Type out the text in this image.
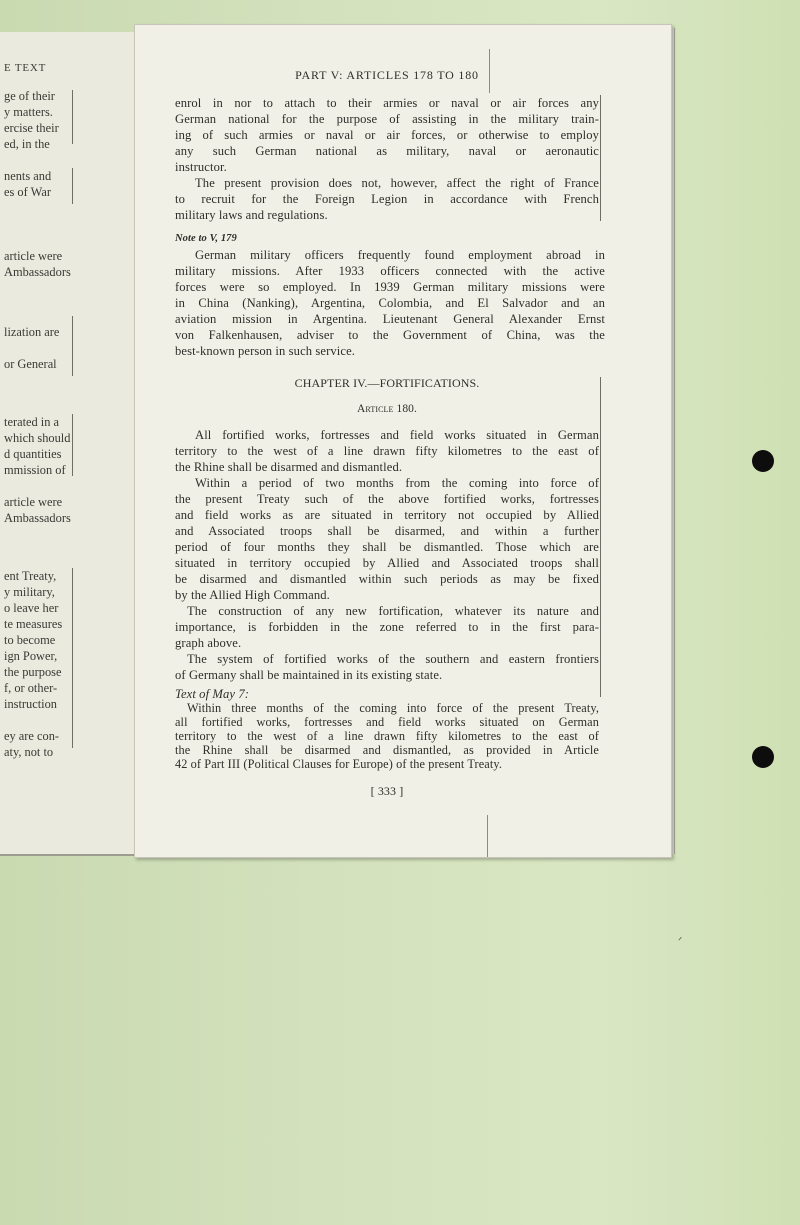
E TEXT
ge of their
y matters.
ercise their
ed, in the
nents and
es of War
article were
Ambassadors
lization are
or General
terated in a
which should
d quantities
mmission of
article were
Ambassadors
ent Treaty,
y military,
o leave her
te measures
to become
ign Power,
the purpose
f, or other-
instruction
ey are con-
aty, not to
PART V: ARTICLES 178 TO 180
enrol in nor to attach to their armies or naval or air forces any
German national for the purpose of assisting in the military train-
ing of such armies or naval or air forces, or otherwise to employ
any such German national as military, naval or aeronautic
instructor.
The present provision does not, however, affect the right of France
to recruit for the Foreign Legion in accordance with French
military laws and regulations.
Note to V, 179
German military officers frequently found employment abroad in
military missions. After 1933 officers connected with the active
forces were so employed. In 1939 German military missions were
in China (Nanking), Argentina, Colombia, and El Salvador and an
aviation mission in Argentina. Lieutenant General Alexander Ernst
von Falkenhausen, adviser to the Government of China, was the
best-known person in such service.
CHAPTER IV.—FORTIFICATIONS.
Article 180.
All fortified works, fortresses and field works situated in German
territory to the west of a line drawn fifty kilometres to the east of
the Rhine shall be disarmed and dismantled.
Within a period of two months from the coming into force of
the present Treaty such of the above fortified works, fortresses
and field works as are situated in territory not occupied by Allied
and Associated troops shall be disarmed, and within a further
period of four months they shall be dismantled. Those which are
situated in territory occupied by Allied and Associated troops shall
be disarmed and dismantled within such periods as may be fixed
by the Allied High Command.
The construction of any new fortification, whatever its nature and
importance, is forbidden in the zone referred to in the first para-
graph above.
The system of fortified works of the southern and eastern frontiers
of Germany shall be maintained in its existing state.
Text of May 7:
Within three months of the coming into force of the present Treaty,
all fortified works, fortresses and field works situated on German
territory to the west of a line drawn fifty kilometres to the east of
the Rhine shall be disarmed and dismantled, as provided in Article
42 of Part III (Political Clauses for Europe) of the present Treaty.
[ 333 ]
ᐟ
